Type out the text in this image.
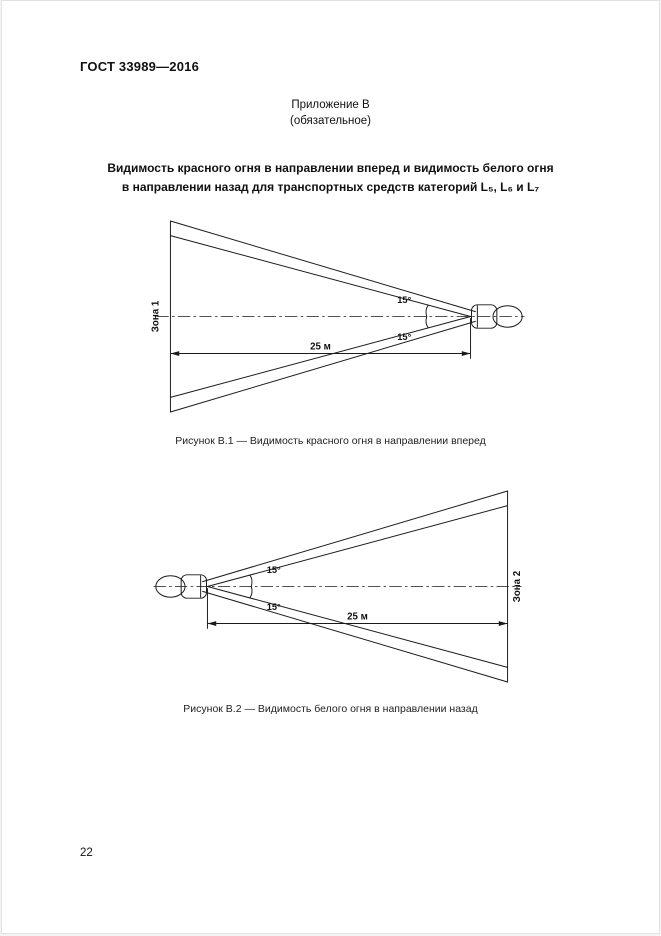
ГОСТ 33989—2016
Приложение В
(обязательное)
Видимость красного огня в направлении вперед и видимость белого огня
в направлении назад для транспортных средств категорий L₅, L₆ и L₇
Зона 1
15°
15°
25 м

Рисунок В.1 — Видимость красного огня в направлении вперед

Зона 2
15°
15°
25 м

Рисунок В.2 — Видимость белого огня в направлении назад

22
